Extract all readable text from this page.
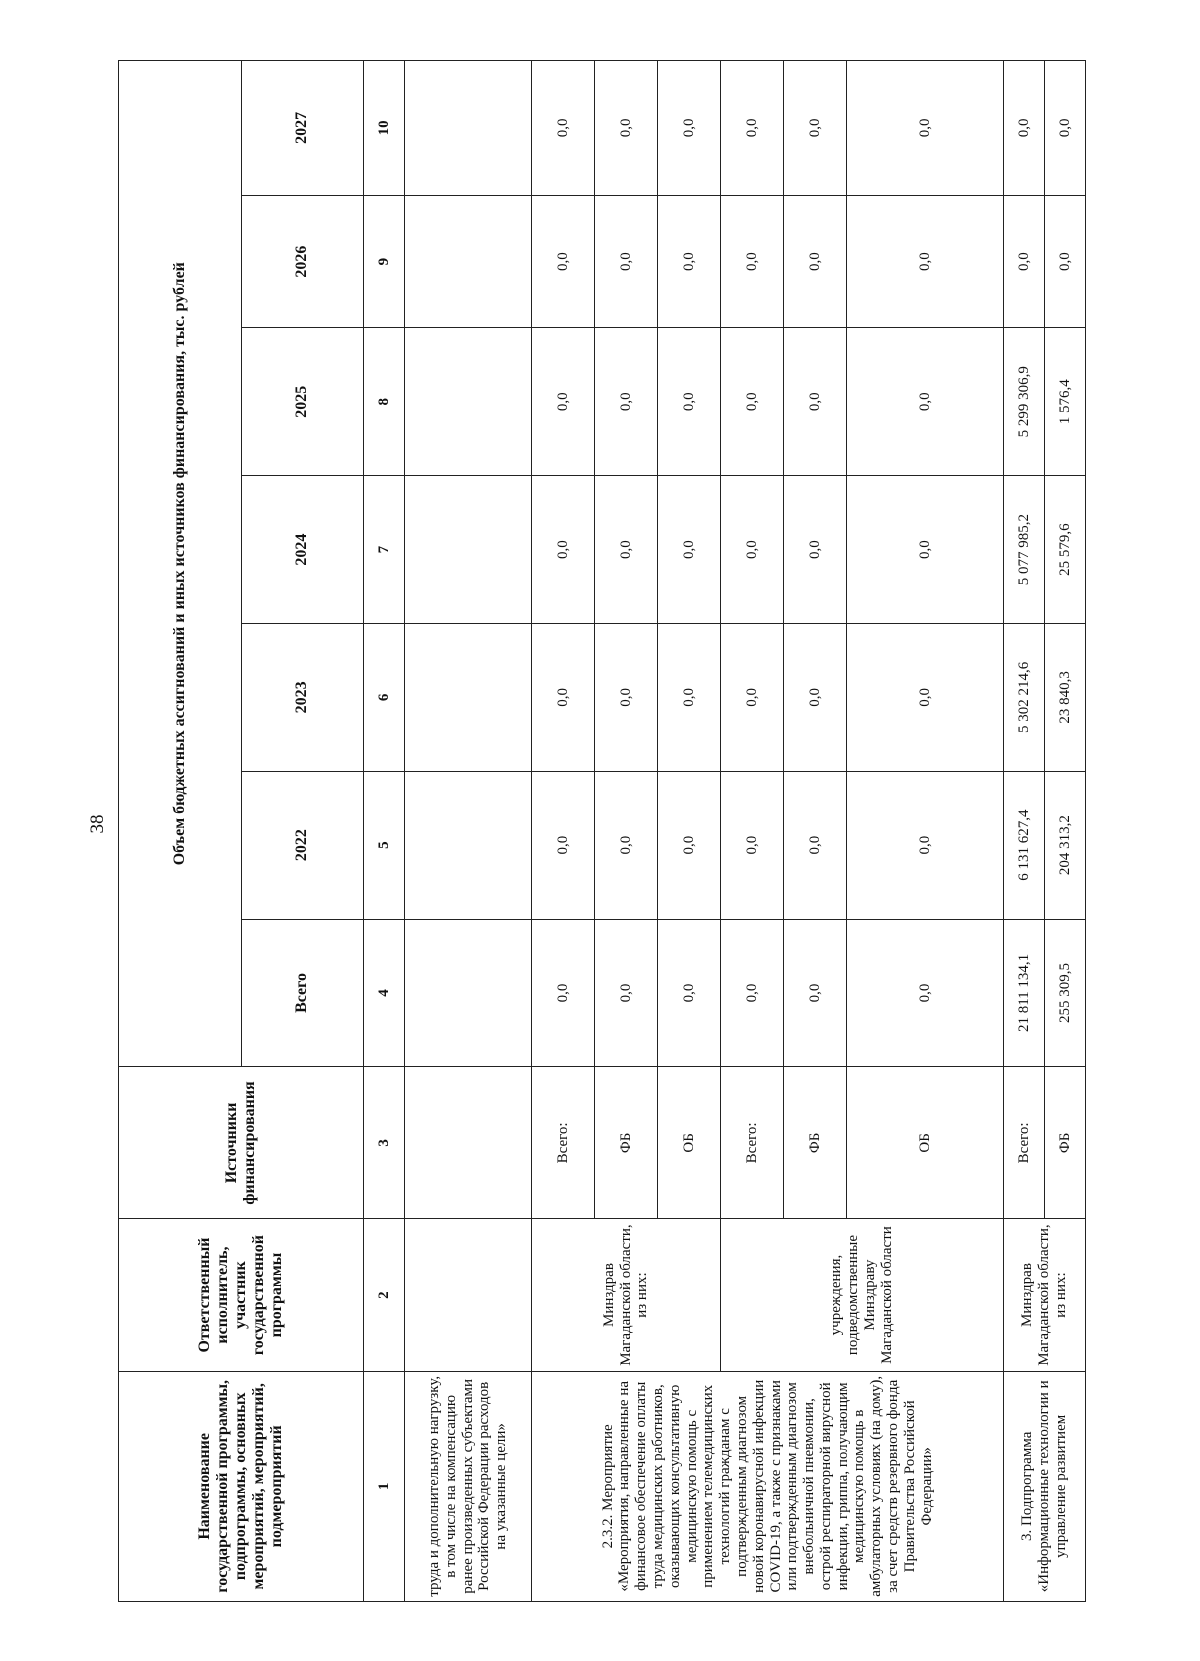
38
Наименование государственной программы, подпрограммы, основных мероприятий, мероприятий, подмероприятий	Ответственный исполнитель, участник государственной программы	Источники финансирования	Объем бюджетных ассигнований и иных источников финансирования, тыс. рублей						
			Всего	2022	2023	2024	2025	2026	2027
1	2	3	4	5	6	7	8	9	10
труда и дополнительную нагрузку, в том числе на компенсацию ранее произведенных субъектами Российской Федерации расходов на указанные цели»									
2.3.2. Мероприятие «Мероприятия, направленные на финансовое обеспечение оплаты труда медицинских работников, оказывающих консультативную медицинскую помощь с применением телемедицинских технологий гражданам с подтвержденным диагнозом новой коронавирусной инфекции COVID-19, а также с признаками или подтвержденным диагнозом внебольничной пневмонии, острой респираторной вирусной инфекции, гриппа, получающим медицинскую помощь в амбулаторных условиях (на дому), за счет средств резервного фонда Правительства Российской Федерации»	Минздрав Магаданской области, из них:	Всего:	0,0	0,0	0,0	0,0	0,0	0,0	0,0
		ФБ	0,0	0,0	0,0	0,0	0,0	0,0	0,0
		ОБ	0,0	0,0	0,0	0,0	0,0	0,0	0,0
	учреждения, подведомственные Минздраву Магаданской области	Всего:	0,0	0,0	0,0	0,0	0,0	0,0	0,0
		ФБ	0,0	0,0	0,0	0,0	0,0	0,0	0,0
		ОБ	0,0	0,0	0,0	0,0	0,0	0,0	0,0
3. Подпрограмма «Информационные технологии и управление развитием	Минздрав Магаданской области, из них:	Всего:	21 811 134,1	6 131 627,4	5 302 214,6	5 077 985,2	5 299 306,9	0,0	0,0
		ФБ	255 309,5	204 313,2	23 840,3	25 579,6	1 576,4	0,0	0,0
